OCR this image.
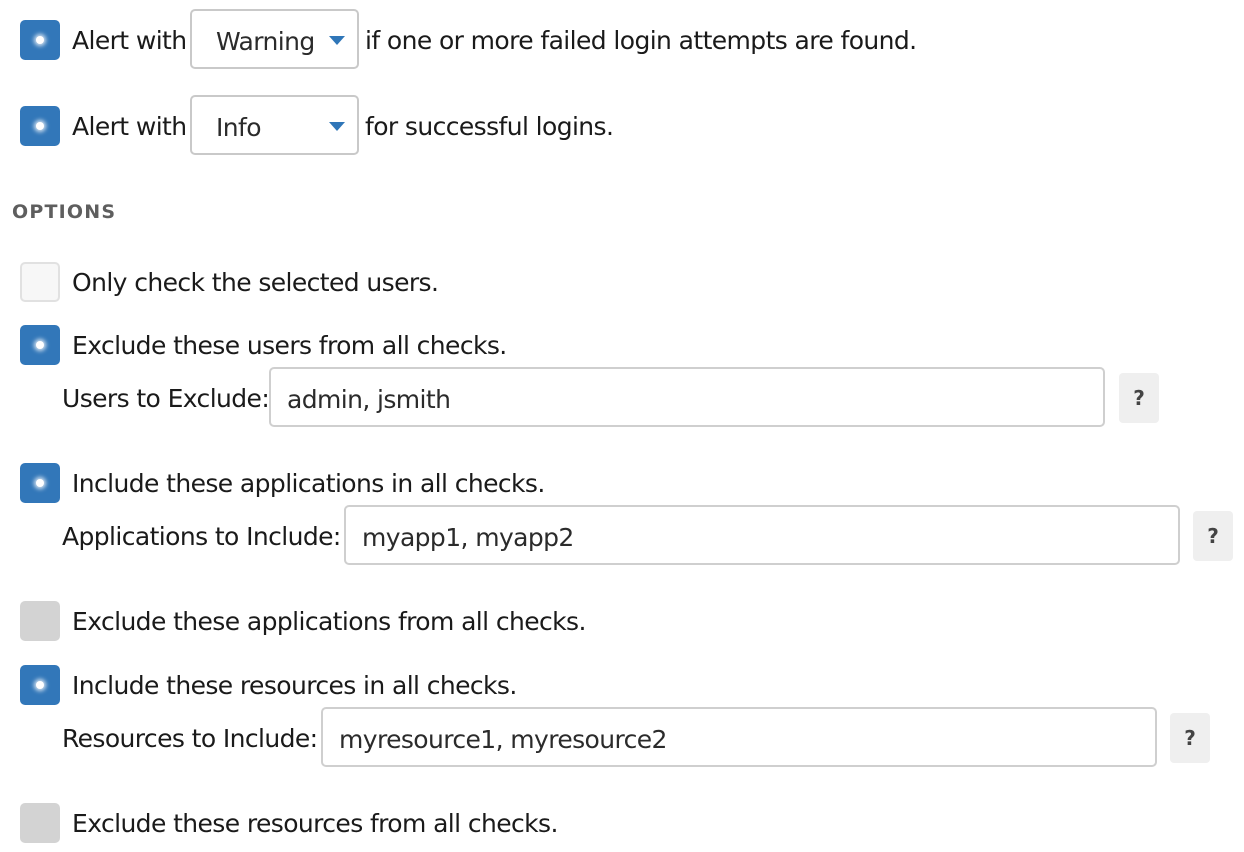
Alert with Warning if one or more failed login attempts are found.
Alert with Info	for successful logins.
OPTIONS
Only check the selected users.
Exclude these users from all checks.
Users to Exclude: admin, jsmith	?
Include these applications in all checks.
Applications to Include: myapp1, myapp2	?
Exclude these applications from all checks.
Include these resources in all checks.
Resources to Include: myresource1, myresource2	?
Exclude these resources from all checks.
